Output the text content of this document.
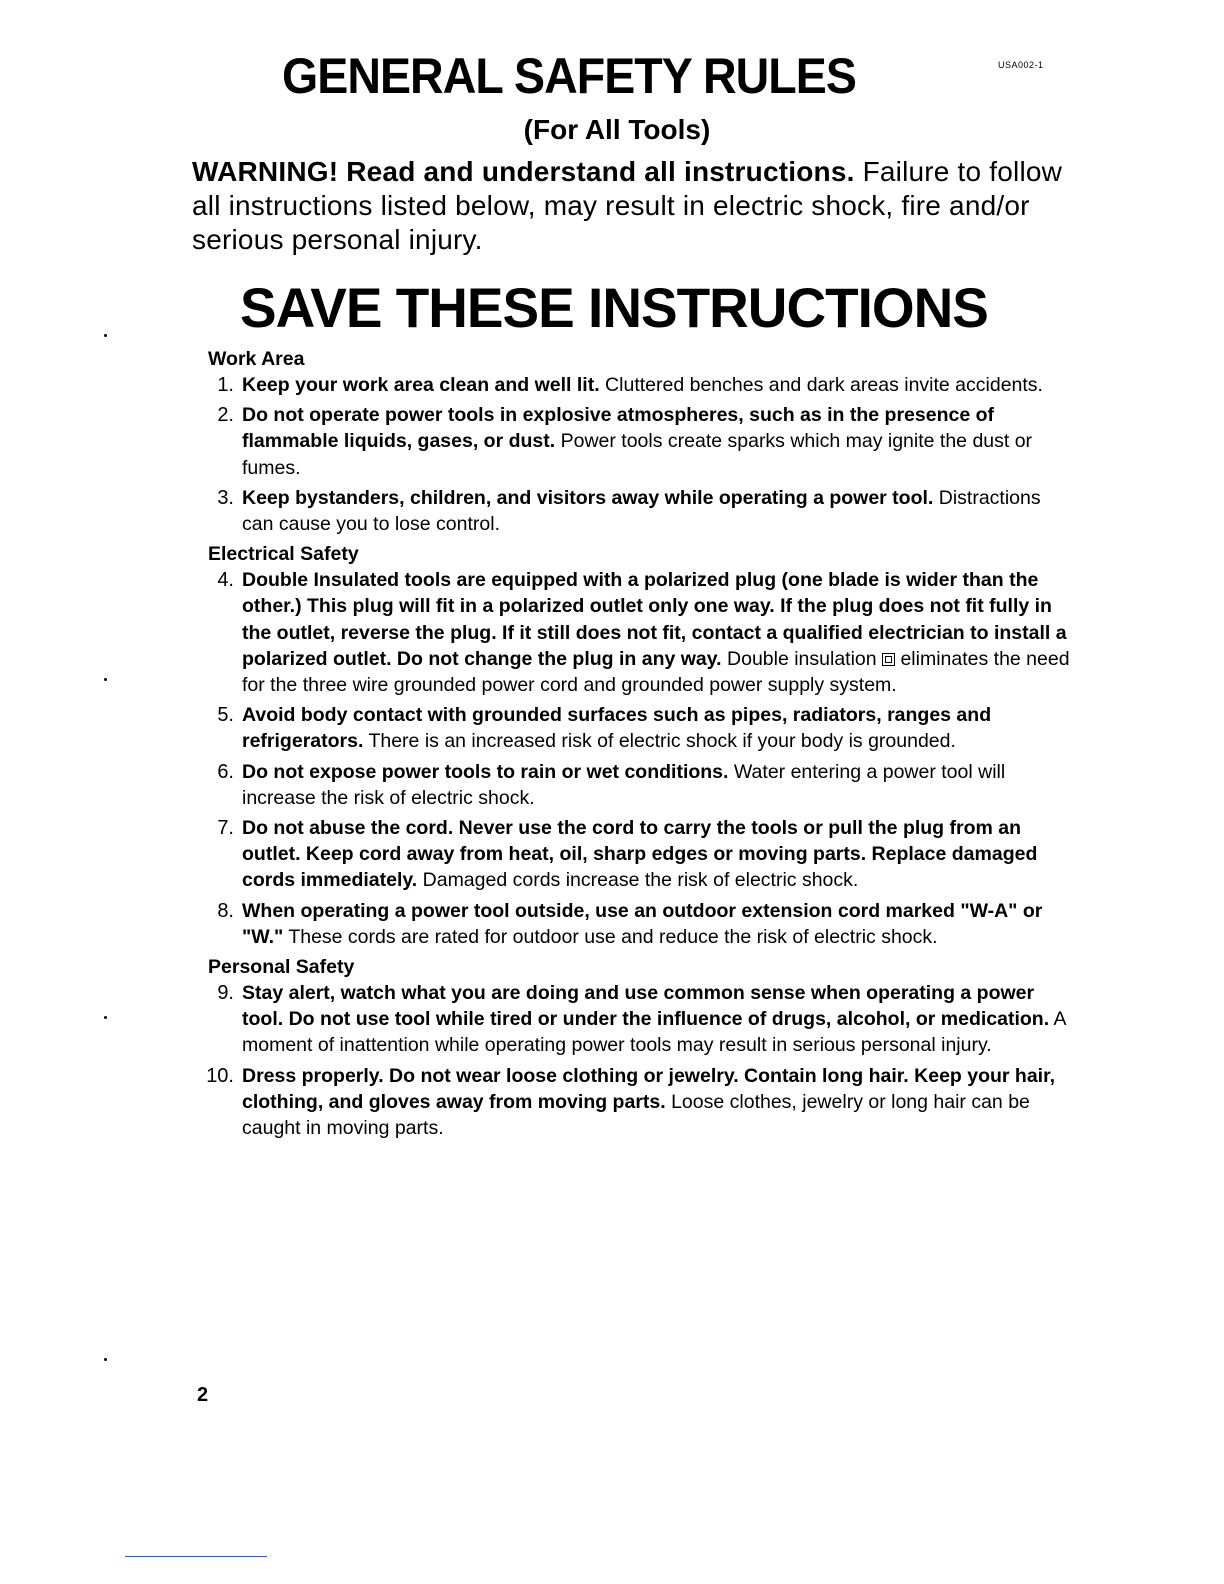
GENERAL SAFETY RULES	USA002-1
(For All Tools)
WARNING! Read and understand all instructions. Failure to follow all instructions listed below, may result in electric shock, fire and/or serious personal injury.
SAVE THESE INSTRUCTIONS
Work Area
1. Keep your work area clean and well lit. Cluttered benches and dark areas invite accidents.
2. Do not operate power tools in explosive atmospheres, such as in the presence of flammable liquids, gases, or dust. Power tools create sparks which may ignite the dust or fumes.
3. Keep bystanders, children, and visitors away while operating a power tool. Distractions can cause you to lose control.
Electrical Safety
4. Double Insulated tools are equipped with a polarized plug (one blade is wider than the other.) This plug will fit in a polarized outlet only one way. If the plug does not fit fully in the outlet, reverse the plug. If it still does not fit, contact a qualified electrician to install a polarized outlet. Do not change the plug in any way. Double insulation  eliminates the need for the three wire grounded power cord and grounded power supply system.
5. Avoid body contact with grounded surfaces such as pipes, radiators, ranges and refrigerators. There is an increased risk of electric shock if your body is grounded.
6. Do not expose power tools to rain or wet conditions. Water entering a power tool will increase the risk of electric shock.
7. Do not abuse the cord. Never use the cord to carry the tools or pull the plug from an outlet. Keep cord away from heat, oil, sharp edges or moving parts. Replace damaged cords immediately. Damaged cords increase the risk of electric shock.
8. When operating a power tool outside, use an outdoor extension cord marked "W-A" or "W." These cords are rated for outdoor use and reduce the risk of electric shock.
Personal Safety
9. Stay alert, watch what you are doing and use common sense when operating a power tool. Do not use tool while tired or under the influence of drugs, alcohol, or medication. A moment of inattention while operating power tools may result in serious personal injury.
10. Dress properly. Do not wear loose clothing or jewelry. Contain long hair. Keep your hair, clothing, and gloves away from moving parts. Loose clothes, jewelry or long hair can be caught in moving parts.
2
